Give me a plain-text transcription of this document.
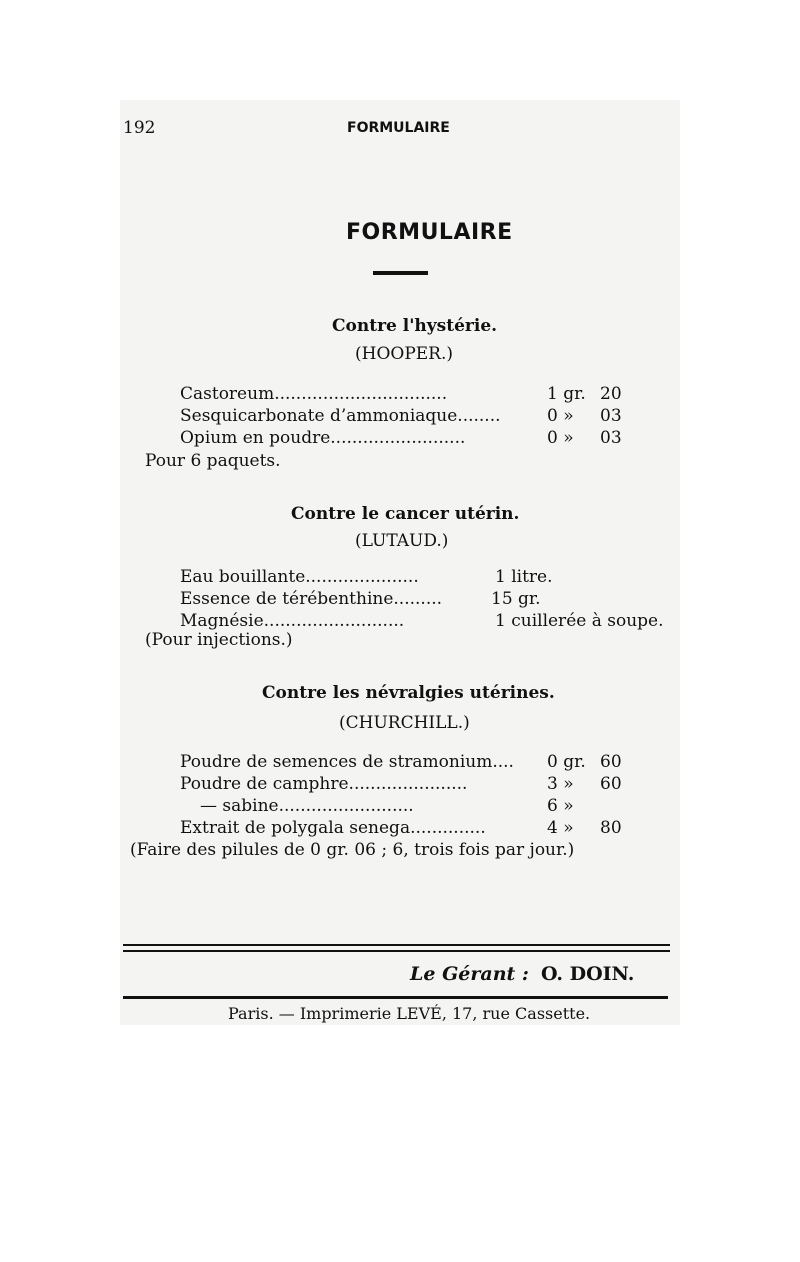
192	FORMULAIRE
FORMULAIRE
Contre l'hystérie.
(HOOPER.)
Castoreum................................	1 gr. 20
Sesquicarbonate d’ammoniaque........	0 » 03
Opium en poudre.........................	0 » 03
Pour 6 paquets.
Contre le cancer utérin.
(LUTAUD.)
Eau bouillante.....................	1 litre.
Essence de térébenthine.........	15 gr.
Magnésie..........................	1 cuillerée à soupe.
(Pour injections.)
Contre les névralgies utérines.
(CHURCHILL.)
Poudre de semences de stramonium.... 0 gr. 60
Poudre de camphre......................	3 » 60
— sabine.........................	6 »
Extrait de polygala senega..............	4 » 80
(Faire des pilules de 0 gr. 06 ; 6, trois fois par jour.)
Le Gérant : O. DOIN.
Paris. — Imprimerie LEVÉ, 17, rue Cassette.
